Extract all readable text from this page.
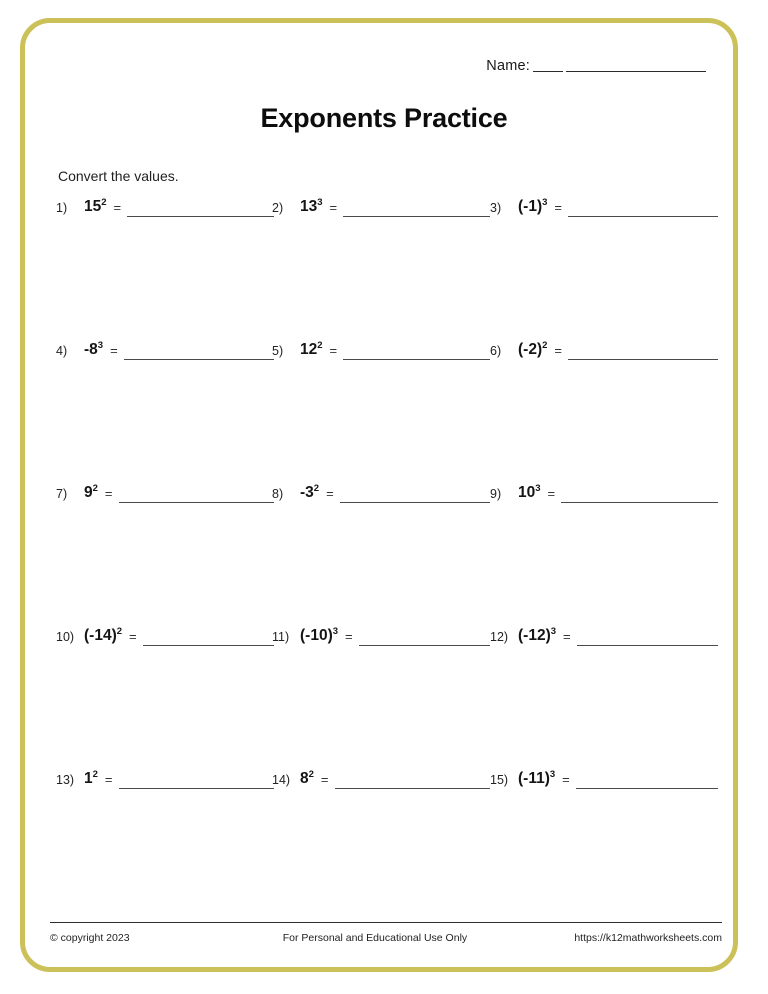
Name:
Exponents Practice
Convert the values.
1)	$15^2$ =	2)	$13^3$ =	3)	$(-1)^3$ =
4)	$-8^3$ =	5)	$12^2$ =	6)	$(-2)^2$ =
7)	$9^2$ =	8)	$-3^2$ =	9)	$10^3$ =
10) $(-14)^2$ =	11) $(-10)^3$ =	12) $(-12)^3$ =
13) $1^2$ =	14) $8^2$ =	15) $(-11)^3$ =
© copyright 2023	For Personal and Educational Use Only	https://k12mathworksheets.com
